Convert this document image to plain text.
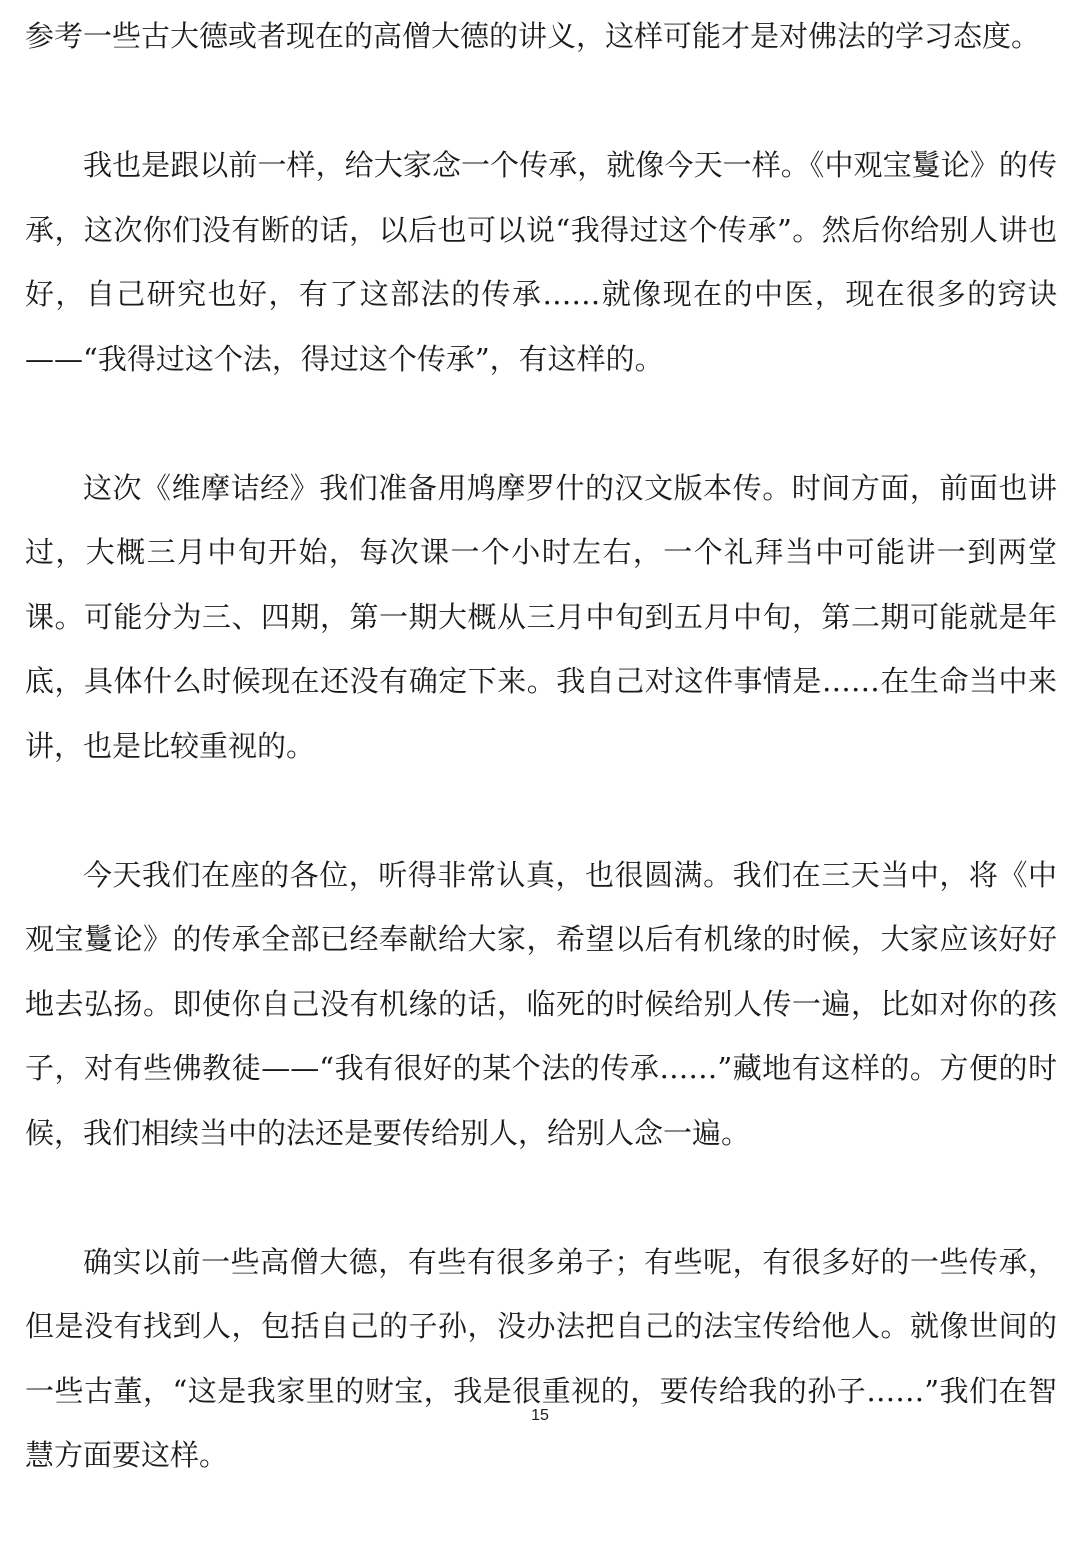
参考一些古大德或者现在的高僧大德的讲义，这样可能才是对佛法的学习态度。

我也是跟以前一样，给大家念一个传承，就像今天一样。《中观宝鬘论》的传承，这次你们没有断的话，以后也可以说“我得过这个传承”。然后你给别人讲也好，自己研究也好，有了这部法的传承……就像现在的中医，现在很多的窍诀——“我得过这个法，得过这个传承”，有这样的。

这次《维摩诘经》我们准备用鸠摩罗什的汉文版本传。时间方面，前面也讲过，大概三月中旬开始，每次课一个小时左右，一个礼拜当中可能讲一到两堂课。可能分为三、四期，第一期大概从三月中旬到五月中旬，第二期可能就是年底，具体什么时候现在还没有确定下来。我自己对这件事情是……在生命当中来讲，也是比较重视的。

今天我们在座的各位，听得非常认真，也很圆满。我们在三天当中，将《中观宝鬘论》的传承全部已经奉献给大家，希望以后有机缘的时候，大家应该好好地去弘扬。即使你自己没有机缘的话，临死的时候给别人传一遍，比如对你的孩子，对有些佛教徒——“我有很好的某个法的传承……”藏地有这样的。方便的时候，我们相续当中的法还是要传给别人，给别人念一遍。

确实以前一些高僧大德，有些有很多弟子；有些呢，有很多好的一些传承，但是没有找到人，包括自己的子孙，没办法把自己的法宝传给他人。就像世间的一些古董，“这是我家里的财宝，我是很重视的，要传给我的孙子……”我们在智慧方面要这样。

15
